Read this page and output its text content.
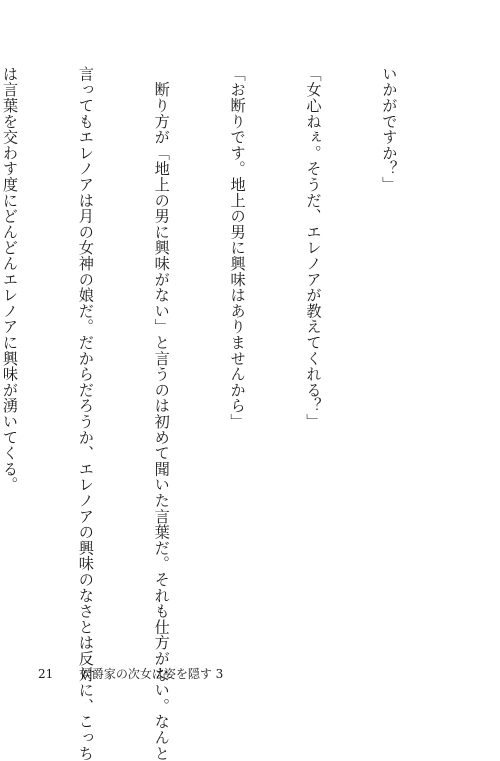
いかがですか？」

「女心ねぇ。そうだ、エレノアが教えてくれる？」

「お断りです。地上の男に興味はありませんから」

　断り方が「地上の男に興味がない」と言うのは初めて聞いた言葉だ。それも仕方がない。なんと

言ってもエレノアは月の女神の娘だ。だからだろうか、エレノアの興味のなさとは反対に、こっち

は言葉を交わす度にどんどんエレノアに興味が湧いてくる。

21 侯爵家の次女は姿を隠す 3
